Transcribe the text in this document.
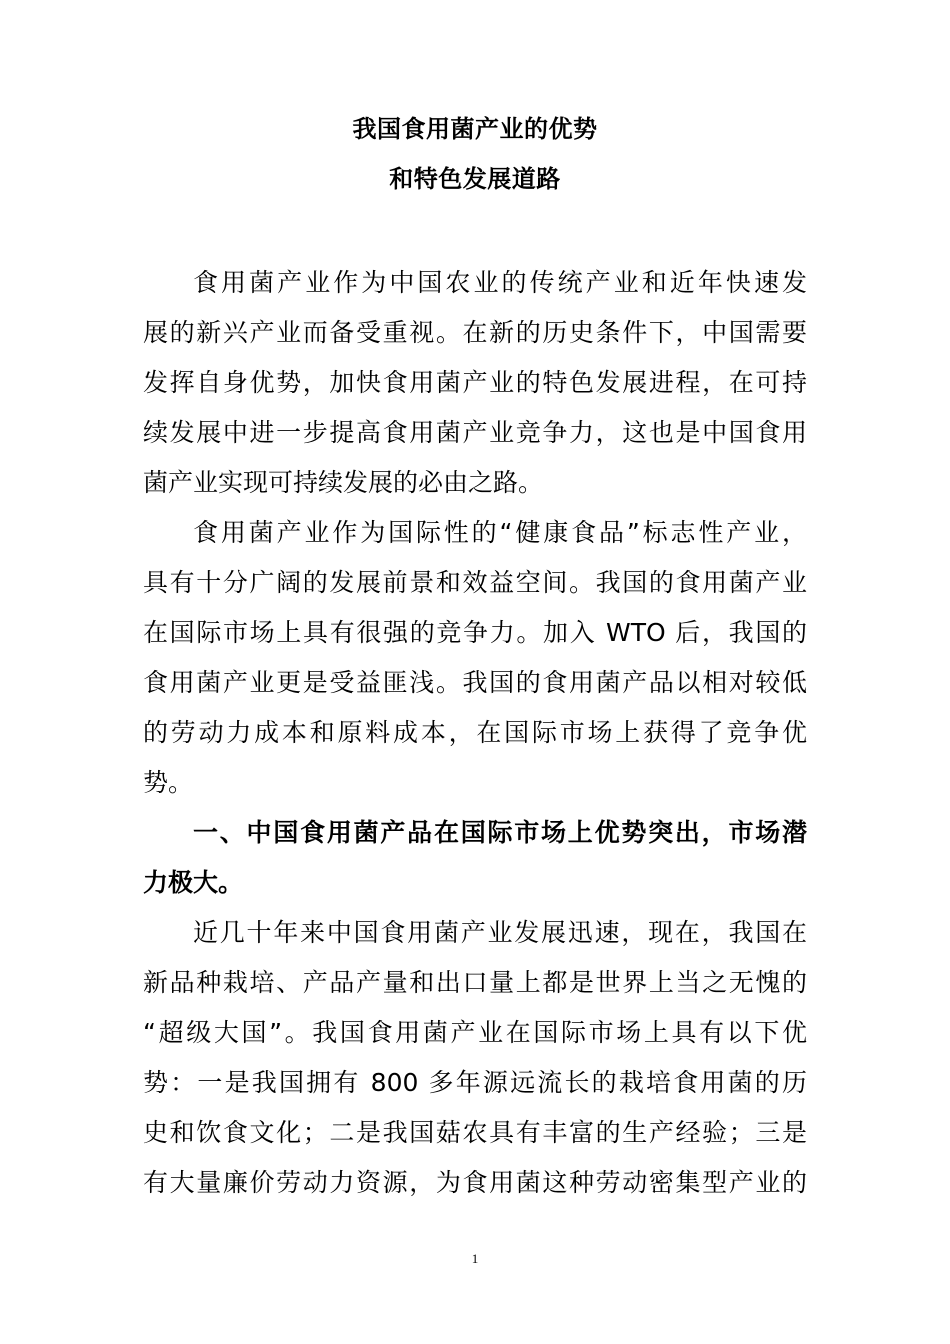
我国食用菌产业的优势
和特色发展道路
食用菌产业作为中国农业的传统产业和近年快速发
展的新兴产业而备受重视。在新的历史条件下，中国需要
发挥自身优势，加快食用菌产业的特色发展进程，在可持
续发展中进一步提高食用菌产业竞争力，这也是中国食用
菌产业实现可持续发展的必由之路。
食用菌产业作为国际性的“健康食品”标志性产业，
具有十分广阔的发展前景和效益空间。我国的食用菌产业
在国际市场上具有很强的竞争力。加入 WTO 后，我国的
食用菌产业更是受益匪浅。我国的食用菌产品以相对较低
的劳动力成本和原料成本，在国际市场上获得了竞争优
势。
一、中国食用菌产品在国际市场上优势突出，市场潜
力极大。
近几十年来中国食用菌产业发展迅速，现在，我国在
新品种栽培、产品产量和出口量上都是世界上当之无愧的
“超级大国”。我国食用菌产业在国际市场上具有以下优
势：一是我国拥有 800 多年源远流长的栽培食用菌的历
史和饮食文化；二是我国菇农具有丰富的生产经验；三是
有大量廉价劳动力资源，为食用菌这种劳动密集型产业的
1
